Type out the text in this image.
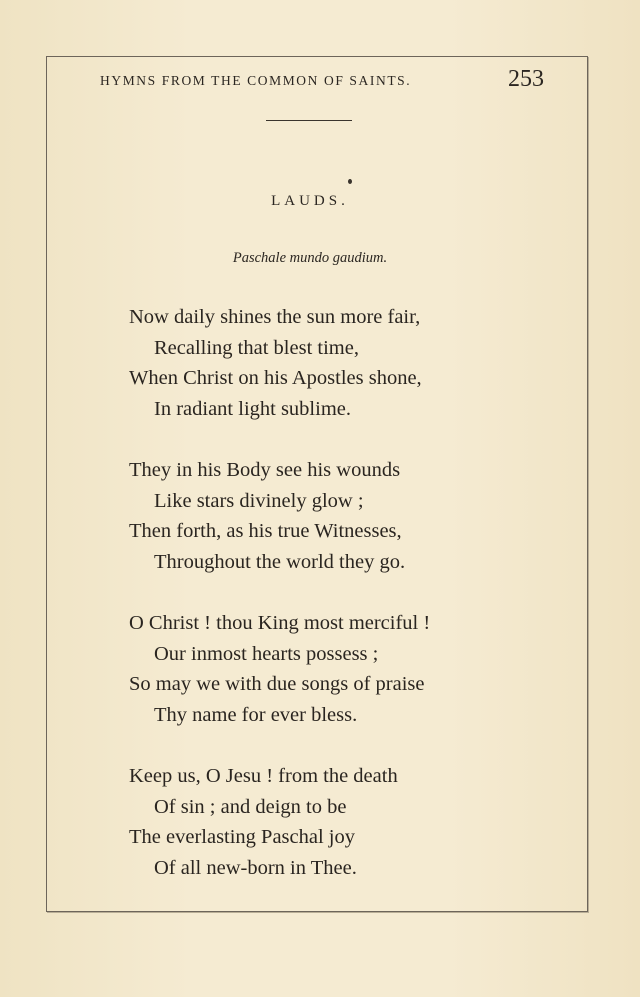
HYMNS FROM THE COMMON OF SAINTS.	253
LAUDS.
Paschale mundo gaudium.
Now daily shines the sun more fair,
Recalling that blest time,
When Christ on his Apostles shone,
In radiant light sublime.
They in his Body see his wounds
Like stars divinely glow ;
Then forth, as his true Witnesses,
Throughout the world they go.
O Christ ! thou King most merciful !
Our inmost hearts possess ;
So may we with due songs of praise
Thy name for ever bless.
Keep us, O Jesu ! from the death
Of sin ; and deign to be
The everlasting Paschal joy
Of all new-born in Thee.
